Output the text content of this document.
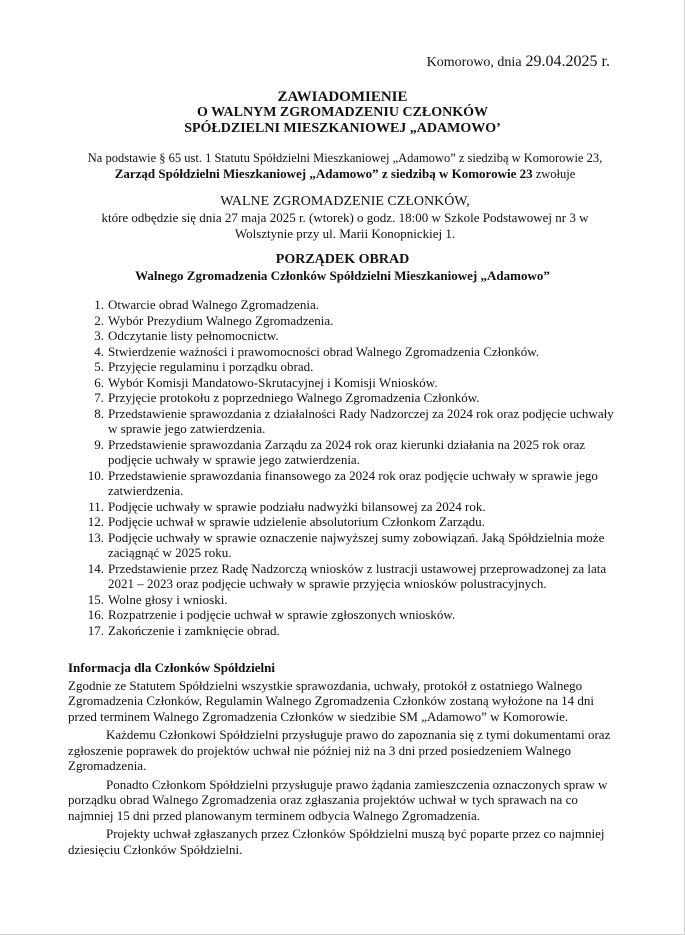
Komorowo, dnia 29.04.2025 r.
ZAWIADOMIENIE
O WALNYM ZGROMADZENIU CZŁONKÓW
SPÓŁDZIELNI MIESZKANIOWEJ „ADAMOWO’
Na podstawie § 65 ust. 1 Statutu Spółdzielni Mieszkaniowej „Adamowo” z siedzibą w Komorowie 23,
Zarząd Spółdzielni Mieszkaniowej „Adamowo” z siedzibą w Komorowie 23 zwołuje
WALNE ZGROMADZENIE CZŁONKÓW,
które odbędzie się dnia 27 maja 2025 r. (wtorek) o godz. 18:00 w Szkole Podstawowej nr 3 w
Wolsztynie przy ul. Marii Konopnickiej 1.
PORZĄDEK OBRAD
Walnego Zgromadzenia Członków Spółdzielni Mieszkaniowej „Adamowo”
1. Otwarcie obrad Walnego Zgromadzenia.
2. Wybór Prezydium Walnego Zgromadzenia.
3. Odczytanie listy pełnomocnictw.
4. Stwierdzenie ważności i prawomocności obrad Walnego Zgromadzenia Członków.
5. Przyjęcie regulaminu i porządku obrad.
6. Wybór Komisji Mandatowo-Skrutacyjnej i Komisji Wniosków.
7. Przyjęcie protokołu z poprzedniego Walnego Zgromadzenia Członków.
8. Przedstawienie sprawozdania z działalności Rady Nadzorczej za 2024 rok oraz podjęcie uchwały w sprawie jego zatwierdzenia.
9. Przedstawienie sprawozdania Zarządu za 2024 rok oraz kierunki działania na 2025 rok oraz podjęcie uchwały w sprawie jego zatwierdzenia.
10. Przedstawienie sprawozdania finansowego za 2024 rok oraz podjęcie uchwały w sprawie jego zatwierdzenia.
11. Podjęcie uchwały w sprawie podziału nadwyżki bilansowej za 2024 rok.
12. Podjęcie uchwał w sprawie udzielenie absolutorium Członkom Zarządu.
13. Podjęcie uchwały w sprawie oznaczenie najwyższej sumy zobowiązań. Jaką Spółdzielnia może zaciągnąć w 2025 roku.
14. Przedstawienie przez Radę Nadzorczą wniosków z lustracji ustawowej przeprowadzonej za lata 2021 – 2023 oraz podjęcie uchwały w sprawie przyjęcia wniosków polustracyjnych.
15. Wolne głosy i wnioski.
16. Rozpatrzenie i podjęcie uchwał w sprawie zgłoszonych wniosków.
17. Zakończenie i zamknięcie obrad.
Informacja dla Członków Spółdzielni

Zgodnie ze Statutem Spółdzielni wszystkie sprawozdania, uchwały, protokół z ostatniego Walnego Zgromadzenia Członków, Regulamin Walnego Zgromadzenia Członków zostaną wyłożone na 14 dni przed terminem Walnego Zgromadzenia Członków w siedzibie SM „Adamowo” w Komorowie.

Każdemu Członkowi Spółdzielni przysługuje prawo do zapoznania się z tymi dokumentami oraz zgłoszenie poprawek do projektów uchwał nie później niż na 3 dni przed posiedzeniem Walnego Zgromadzenia.

Ponadto Członkom Spółdzielni przysługuje prawo żądania zamieszczenia oznaczonych spraw w porządku obrad Walnego Zgromadzenia oraz zgłaszania projektów uchwał w tych sprawach na co najmniej 15 dni przed planowanym terminem odbycia Walnego Zgromadzenia.

Projekty uchwał zgłaszanych przez Członków Spółdzielni muszą być poparte przez co najmniej dziesięciu Członków Spółdzielni.
